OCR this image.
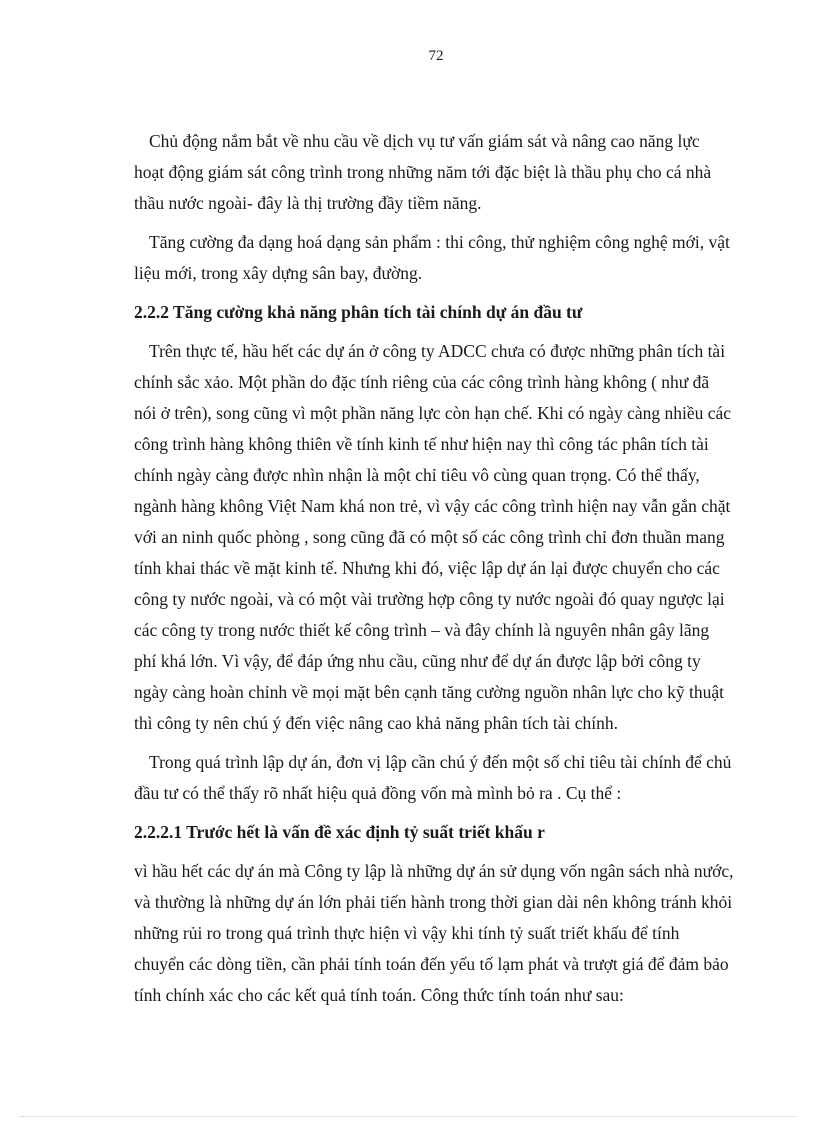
72

Chủ động nắm bắt về nhu cầu về dịch vụ tư vấn giám sát và nâng cao năng lực hoạt động giám sát công trình trong những năm tới đặc biệt là thầu phụ cho cá nhà thầu nước ngoài- đây là thị trường đầy tiềm năng.

Tăng cường đa dạng hoá dạng sản phẩm : thi công, thử nghiệm công nghệ mới, vật liệu mới, trong xây dựng sân bay, đường.

2.2.2 Tăng cường khả năng phân tích tài chính dự án đầu tư

Trên thực tế, hầu hết các dự án ở công ty ADCC chưa có được những phân tích tài chính sắc xảo. Một phần do đặc tính riêng của các công trình hàng không ( như đã nói ở trên), song cũng vì một phần năng lực còn hạn chế. Khi có ngày càng nhiều các công trình hàng không thiên về tính kinh tế như hiện nay thì công tác phân tích tài chính ngày càng được nhìn nhận là một chỉ tiêu vô cùng quan trọng. Có thể thấy, ngành hàng không Việt Nam khá non trẻ, vì vậy các công trình hiện nay vẫn gắn chặt với an ninh quốc phòng , song cũng đã có một số các công trình chỉ đơn thuần mang tính khai thác về mặt kinh tế. Nhưng khi đó, việc lập dự án lại được chuyển cho các công ty nước ngoài, và có một vài trường hợp công ty nước ngoài đó quay ngược lại các công ty trong nước thiết kế công trình – và đây chính là nguyên nhân gây lãng phí khá lớn. Vì vậy, để đáp ứng nhu cầu, cũng như để dự án được lập bởi công ty ngày càng hoàn chỉnh về mọi mặt bên cạnh tăng cường nguồn nhân lực cho kỹ thuật thì công ty nên chú ý đến việc nâng cao khả năng phân tích tài chính.

Trong quá trình lập dự án, đơn vị lập cần chú ý đến một số chỉ tiêu tài chính để chủ đầu tư có thể thấy rõ nhất hiệu quả đồng vốn mà mình bỏ ra . Cụ thể :

2.2.2.1 Trước hết là vấn đề xác định tỷ suất triết khấu r

vì hầu hết các dự án mà Công ty lập là những dự án sử dụng vốn ngân sách nhà nước, và thường là những dự án lớn phải tiến hành trong thời gian dài nên không tránh khỏi những rủi ro trong quá trình thực hiện vì vậy khi tính tỷ suất triết khấu để tính chuyển các dòng tiền, cần phải tính toán đến yếu tố lạm phát và trượt giá để đảm bảo tính chính xác cho các kết quả tính toán. Công thức tính toán như sau:
